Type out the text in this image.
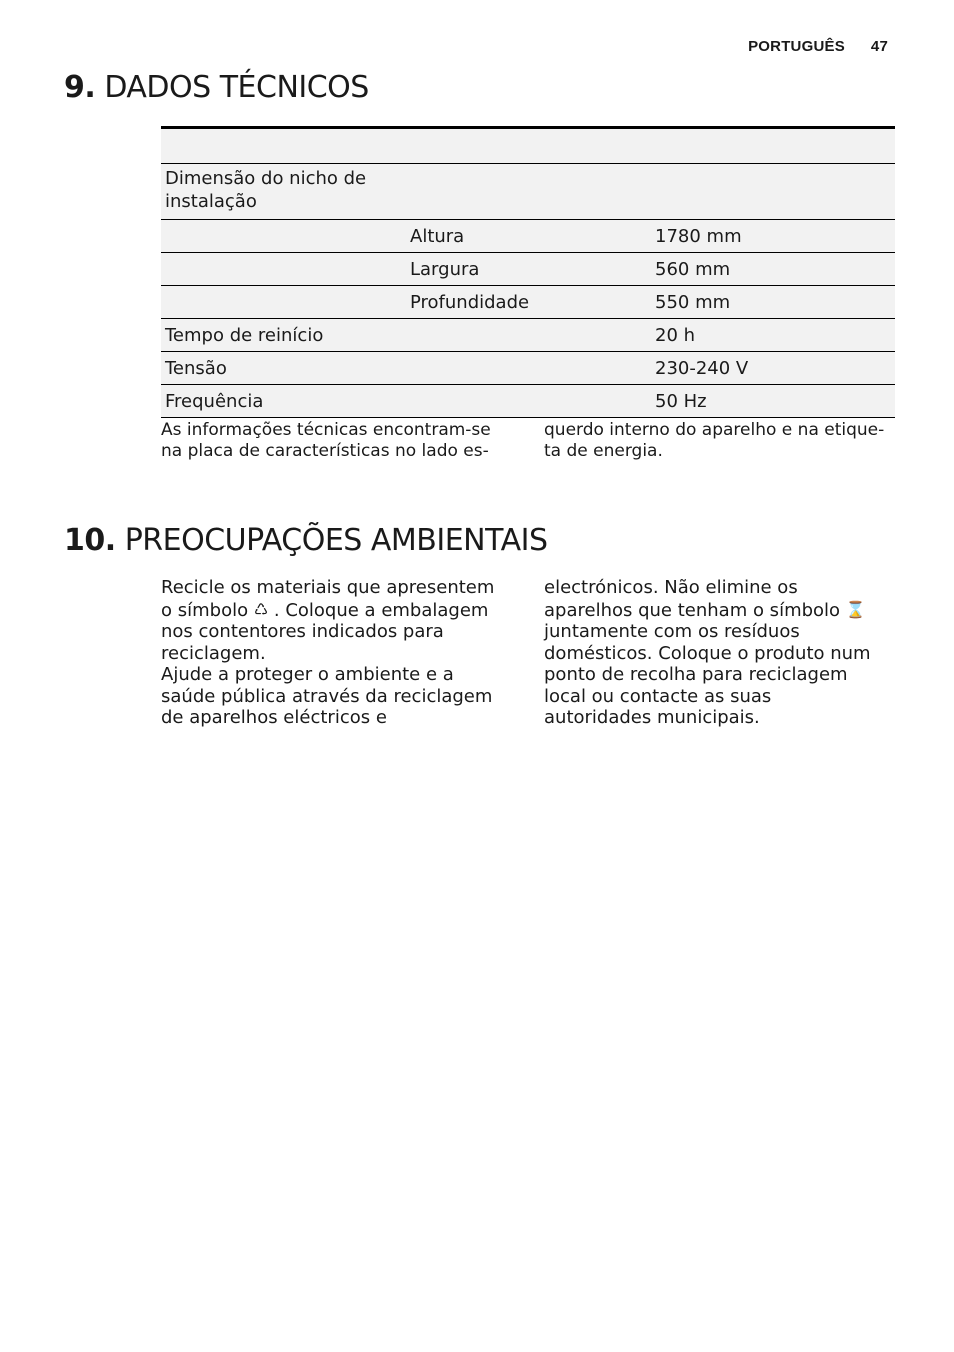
PORTUGUÊS 47
9. DADOS TÉCNICOS
Dimensão do nicho de instalação
Altura	1780 mm
Largura	560 mm
Profundidade	550 mm
Tempo de reinício	20 h
Tensão	230-240 V
Frequência	50 Hz
As informações técnicas encontram-se
na placa de características no lado es-
querdo interno do aparelho e na etique-
ta de energia.
10. PREOCUPAÇÕES AMBIENTAIS
Recicle os materiais que apresentem
o símbolo ♺ . Coloque a embalagem
nos contentores indicados para
reciclagem.
Ajude a proteger o ambiente e a
saúde pública através da reciclagem
de aparelhos eléctricos e
electrónicos. Não elimine os
aparelhos que tenham o símbolo ⌛
juntamente com os resíduos
domésticos. Coloque o produto num
ponto de recolha para reciclagem
local ou contacte as suas
autoridades municipais.
